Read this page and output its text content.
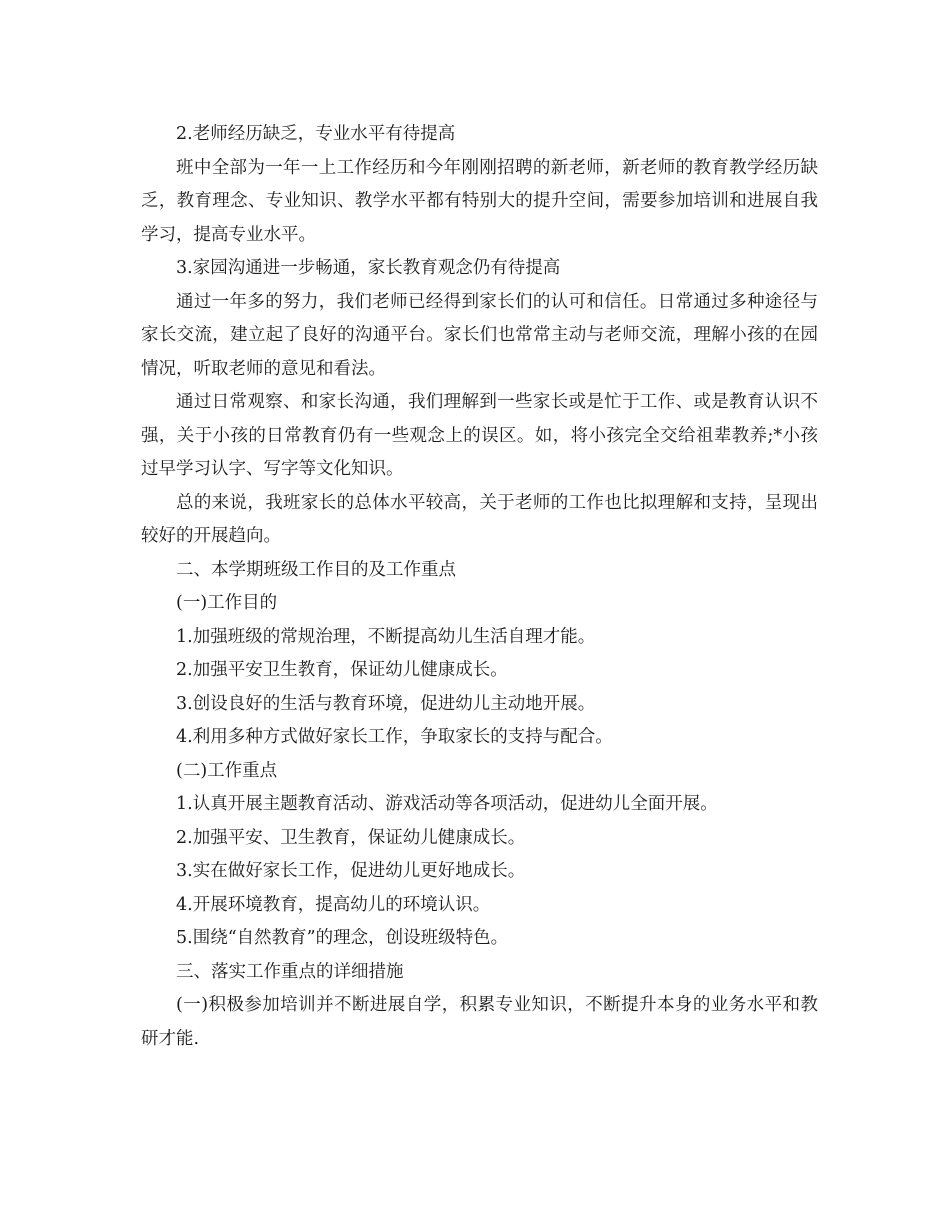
2.老师经历缺乏，专业水平有待提高

班中全部为一年一上工作经历和今年刚刚招聘的新老师，新老师的教育教学经历缺乏，教育理念、专业知识、教学水平都有特别大的提升空间，需要参加培训和进展自我学习，提高专业水平。

3.家园沟通进一步畅通，家长教育观念仍有待提高

通过一年多的努力，我们老师已经得到家长们的认可和信任。日常通过多种途径与家长交流，建立起了良好的沟通平台。家长们也常常主动与老师交流，理解小孩的在园情况，听取老师的意见和看法。

通过日常观察、和家长沟通，我们理解到一些家长或是忙于工作、或是教育认识不强，关于小孩的日常教育仍有一些观念上的误区。如，将小孩完全交给祖辈教养;*小孩过早学习认字、写字等文化知识。

总的来说，我班家长的总体水平较高，关于老师的工作也比拟理解和支持，呈现出较好的开展趋向。

二、本学期班级工作目的及工作重点

(一)工作目的

1.加强班级的常规治理，不断提高幼儿生活自理才能。

2.加强平安卫生教育，保证幼儿健康成长。

3.创设良好的生活与教育环境，促进幼儿主动地开展。

4.利用多种方式做好家长工作，争取家长的支持与配合。

(二)工作重点

1.认真开展主题教育活动、游戏活动等各项活动，促进幼儿全面开展。

2.加强平安、卫生教育，保证幼儿健康成长。

3.实在做好家长工作，促进幼儿更好地成长。

4.开展环境教育，提高幼儿的环境认识。

5.围绕“自然教育”的理念，创设班级特色。

三、落实工作重点的详细措施

(一)积极参加培训并不断进展自学，积累专业知识，不断提升本身的业务水平和教研才能.
